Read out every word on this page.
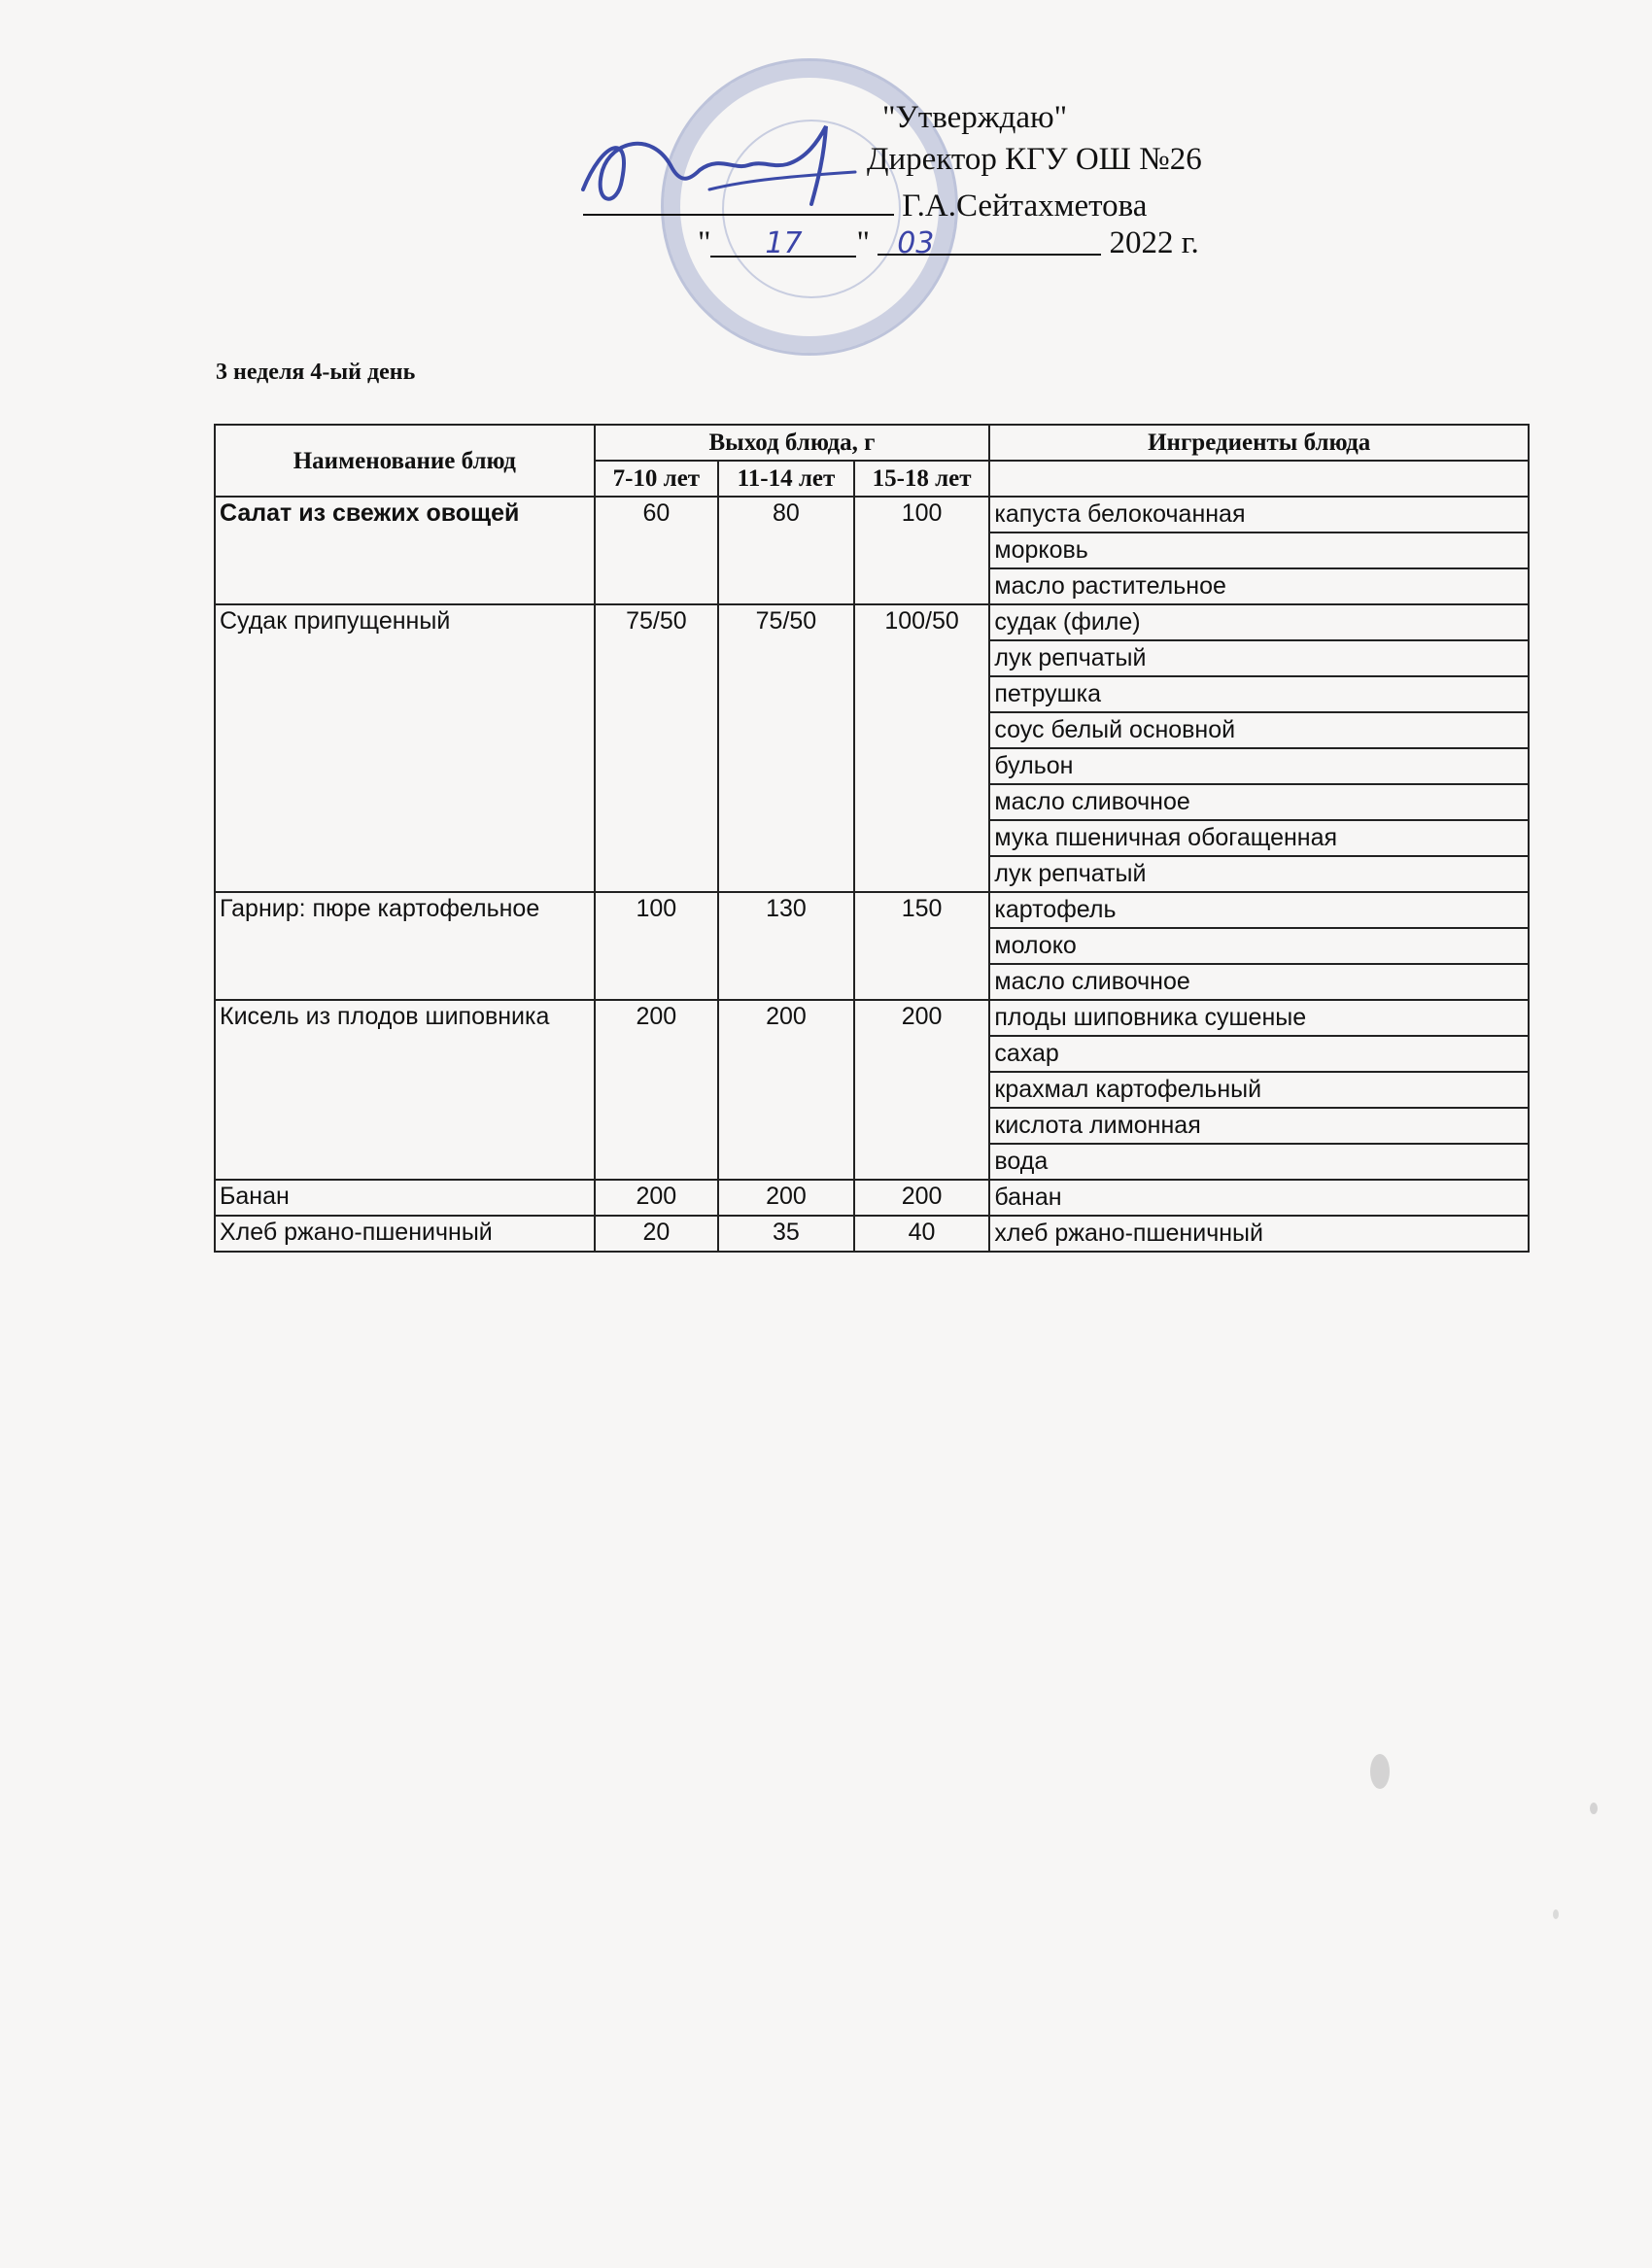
"Утверждаю"
Директор КГУ ОШ №26
Г.А.Сейтахметова
" 17 " 03	2022 г.
3 неделя 4-ый день
Наименование блюд	Выход блюда, г			Ингредиенты блюда
	7-10 лет	11-14 лет	15-18 лет	
Салат из свежих овощей	60	80	100	капуста белокочанная
				морковь
				масло растительное
Судак припущенный	75/50	75/50	100/50	судак (филе)
				лук репчатый
				петрушка
				соус белый основной
				бульон
				масло сливочное
				мука пшеничная обогащенная
				лук репчатый
Гарнир: пюре картофельное	100	130	150	картофель
				молоко
				масло сливочное
Кисель из плодов шиповника	200	200	200	плоды шиповника сушеные
				сахар
				крахмал картофельный
				кислота лимонная
				вода
Банан	200	200	200	банан
Хлеб ржано-пшеничный	20	35	40	хлеб ржано-пшеничный
